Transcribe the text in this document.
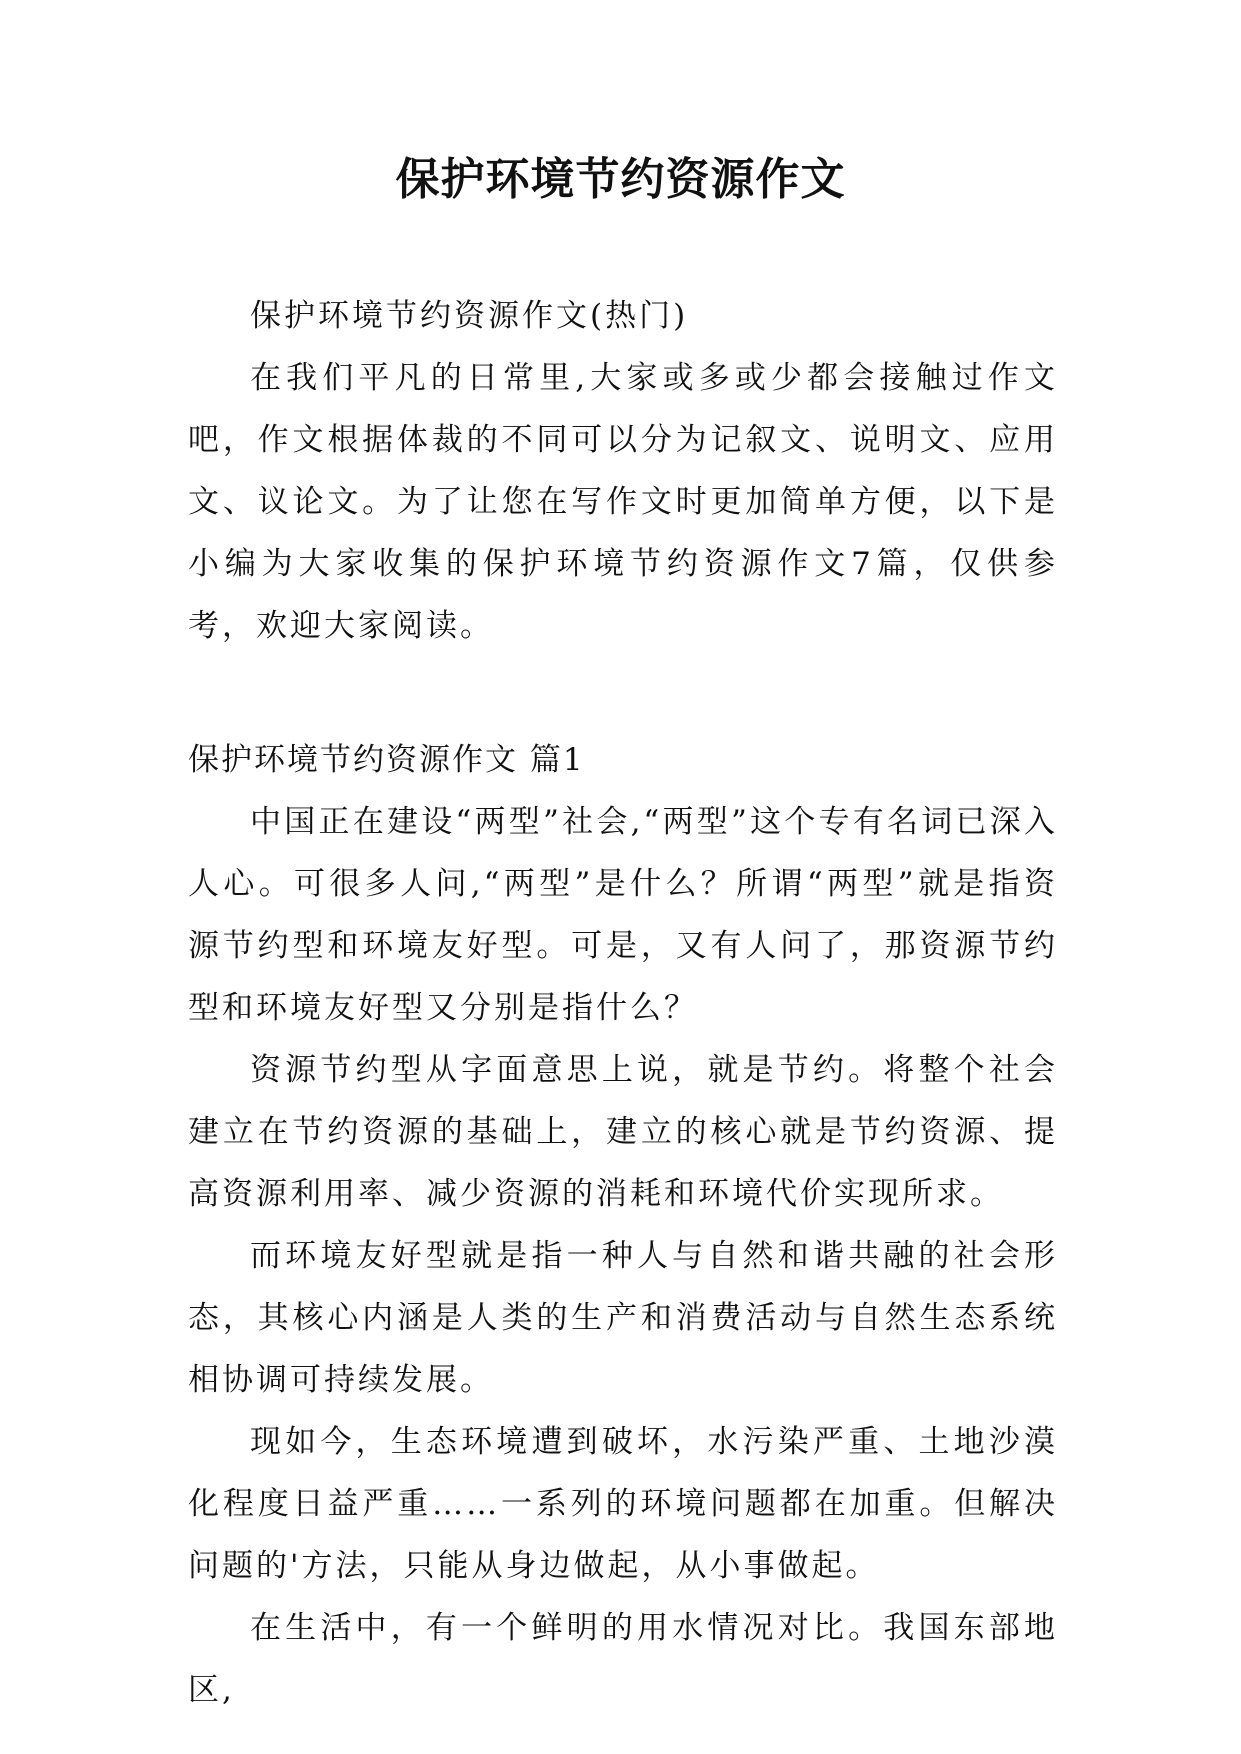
保护环境节约资源作文

保护环境节约资源作文(热门)

在我们平凡的日常里,大家或多或少都会接触过作文吧，作文根据体裁的不同可以分为记叙文、说明文、应用文、议论文。为了让您在写作文时更加简单方便，以下是小编为大家收集的保护环境节约资源作文7篇，仅供参考，欢迎大家阅读。

保护环境节约资源作文 篇1

中国正在建设“两型”社会,“两型”这个专有名词已深入人心。可很多人问,“两型”是什么？所谓“两型”就是指资源节约型和环境友好型。可是，又有人问了，那资源节约型和环境友好型又分别是指什么？

资源节约型从字面意思上说，就是节约。将整个社会建立在节约资源的基础上，建立的核心就是节约资源、提高资源利用率、减少资源的消耗和环境代价实现所求。

而环境友好型就是指一种人与自然和谐共融的社会形态，其核心内涵是人类的生产和消费活动与自然生态系统相协调可持续发展。

现如今，生态环境遭到破坏，水污染严重、土地沙漠化程度日益严重……一系列的环境问题都在加重。但解决问题的'方法，只能从身边做起，从小事做起。

在生活中，有一个鲜明的用水情况对比。我国东部地区,
